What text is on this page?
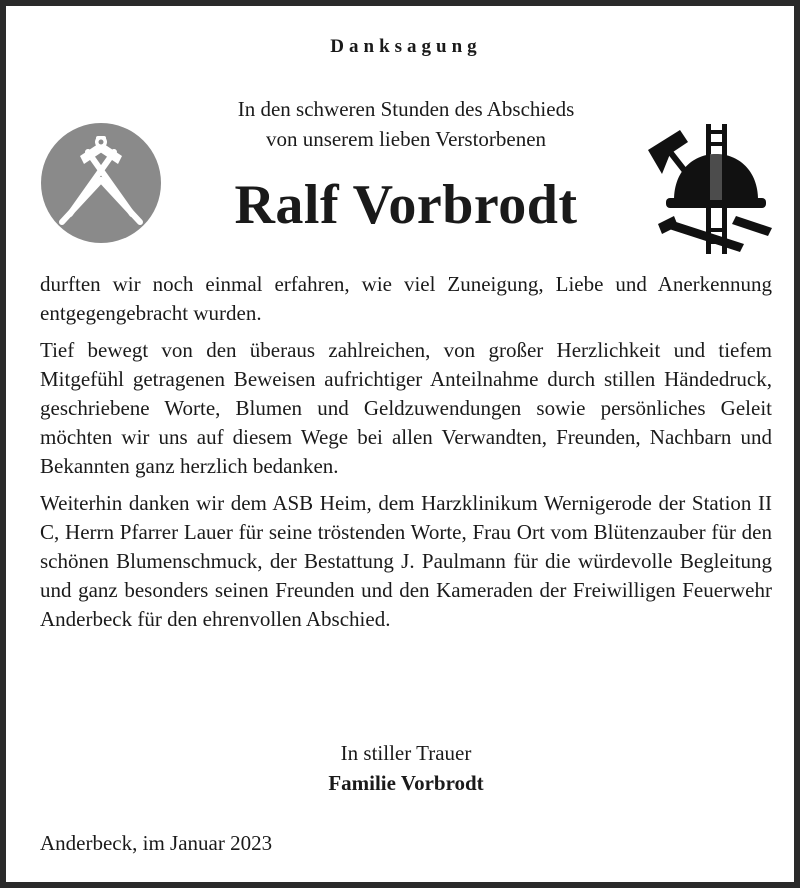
Danksagung
In den schweren Stunden des Abschieds
von unserem lieben Verstorbenen
Ralf Vorbrodt

durften wir noch einmal erfahren, wie viel Zuneigung, Liebe und Anerkennung entgegengebracht wurden.

Tief bewegt von den überaus zahlreichen, von großer Herzlichkeit und tiefem Mitgefühl getragenen Beweisen aufrichtiger Anteilnahme durch stillen Händedruck, geschriebene Worte, Blumen und Geldzuwendungen sowie persönliches Geleit möchten wir uns auf diesem Wege bei allen Verwandten, Freunden, Nachbarn und Bekannten ganz herzlich bedanken.

Weiterhin danken wir dem ASB Heim, dem Harzklinikum Wernigerode der Station II C, Herrn Pfarrer Lauer für seine tröstenden Worte, Frau Ort vom Blütenzauber für den schönen Blumenschmuck, der Bestattung J. Paulmann für die würdevolle Begleitung und ganz besonders seinen Freunden und den Kameraden der Freiwilligen Feuerwehr Anderbeck für den ehrenvollen Abschied.

In stiller Trauer
Familie Vorbrodt
Anderbeck, im Januar 2023
